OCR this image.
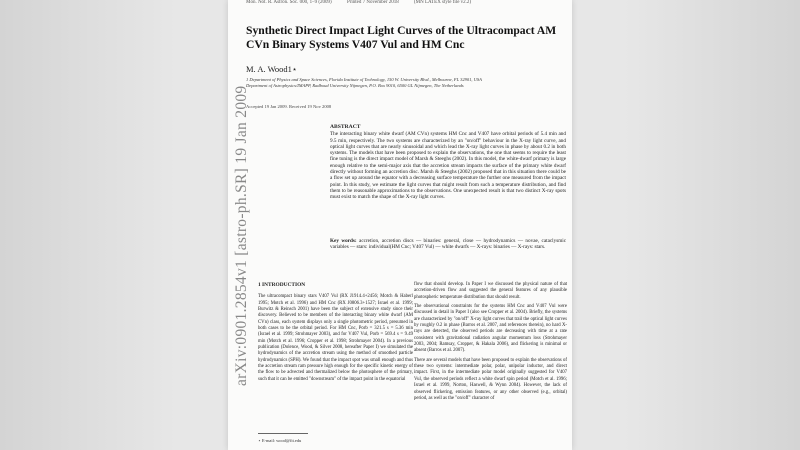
Mon. Not. R. Astron. Soc. 000, 1–9 (2009)	Printed 7 November 2018	(MN LATEX style file v2.2)
Synthetic Direct Impact Light Curves of the Ultracompact AM CVn Binary Systems V407 Vul and HM Cnc
M. A. Wood1⋆
1 Department of Physics and Space Sciences, Florida Institute of Technology, 150 W. University Blvd., Melbourne, FL 32901, USA
Department of Astrophysics/IMAPP, Radboud University Nijmegen, P.O. Box 9010, 6500 GL Nijmegen, The Netherlands
Accepted 19 Jan 2009. Received 19 Nov 2008
ABSTRACT
The interacting binary white dwarf (AM CVn) systems HM Cnc and V407 have orbital periods of 5.4 min and 9.5 min, respectively. The two systems are characterized by an "on/off" behaviour in the X-ray light curve, and optical light curves that are nearly sinusoidal and which lead the X-ray light curves in phase by about 0.2 in both systems. The models that have been proposed to explain the observations, the one that seems to require the least fine tuning is the direct impact model of Marsh & Steeghs (2002). In this model, the white-dwarf primary is large enough relative to the semi-major axis that the accretion stream impacts the surface of the primary white dwarf directly without forming an accretion disc. Marsh & Steeghs (2002) proposed that in this situation there could be a flow set up around the equator with a decreasing surface temperature the further one measured from the impact point. In this study, we estimate the light curves that might result from such a temperature distribution, and find them to be reasonable approximations to the observations. One unexpected result is that two distinct X-ray spots must exist to match the shape of the X-ray light curves.
Key words: accretion, accretion discs — binaries: general, close — hydrodynamics — novae, cataclysmic variables — stars: individual(HM Cnc; V407 Vul) — white dwarfs — X-rays: binaries — X-rays: stars.
1 INTRODUCTION

The ultracompact binary stars V407 Vul (RX J1914.4+2456; Motch & Haberl 1995; Motch et al. 1996) and HM Cnc (RX J0806.3+1527; Israel et al. 1999; Burwitz & Reinsch 2001) have been the subject of extensive study since their discovery. Believed to be members of the interacting binary white dwarf (AM CVn) class, each system displays only a single photometric period, presumed in both cases to be the orbital period. For HM Cnc, Porb = 321.5 s = 5.36 min (Israel et al. 1999; Strohmayer 2003), and for V407 Vul, Porb = 569.4 s = 9.49 min (Motch et al. 1996; Cropper et al. 1998; Strohmayer 2004). In a previous publication (Dolence, Wood, & Silver 2008, hereafter Paper I) we simulated the hydrodynamics of the accretion stream using the method of smoothed particle hydrodynamics (SPH). We found that the impact spot was small enough and thus the accretion stream ram pressure high enough for the specific kinetic energy of the flow to be advected and thermalized below the photosphere of the primary, such that it can be emitted "downstream" of the impact point in the equatorial

flow that should develop. In Paper I we discussed the physical nature of that accretion-driven flow and suggested the general features of any plausible photospheric temperature distribution that should result.

The observational constraints for the systems HM Cnc and V407 Vul were discussed in detail in Paper I (also see Cropper et al. 2004). Briefly, the systems are characterized by "on/off" X-ray light curves that trail the optical light curves by roughly 0.2 in phase (Barros et al. 2007, and references therein), no hard X-rays are detected, the observed periods are decreasing with time at a rate consistent with gravitational radiation angular momentum loss (Strohmayer 2003, 2004; Ramsay, Cropper, & Hakala 2006), and flickering is minimal or absent (Barros et al. 2007).

There are several models that have been proposed to explain the observations of these two systems: intermediate polar, polar, unipolar inductor, and direct impact. First, in the intermediate polar model originally suggested for V407 Vul, the observed periods reflect a white dwarf spin period (Motch et al. 1996; Israel et al. 1999, Norton, Haswell, & Wynn 2004). However, the lack of observed flickering, emission features, or any other observed (e.g., orbital) period, as well as the "on/off" character of

⋆ E-mail: wood@fit.edu
arXiv:0901.2854v1 [astro-ph.SR] 19 Jan 2009
